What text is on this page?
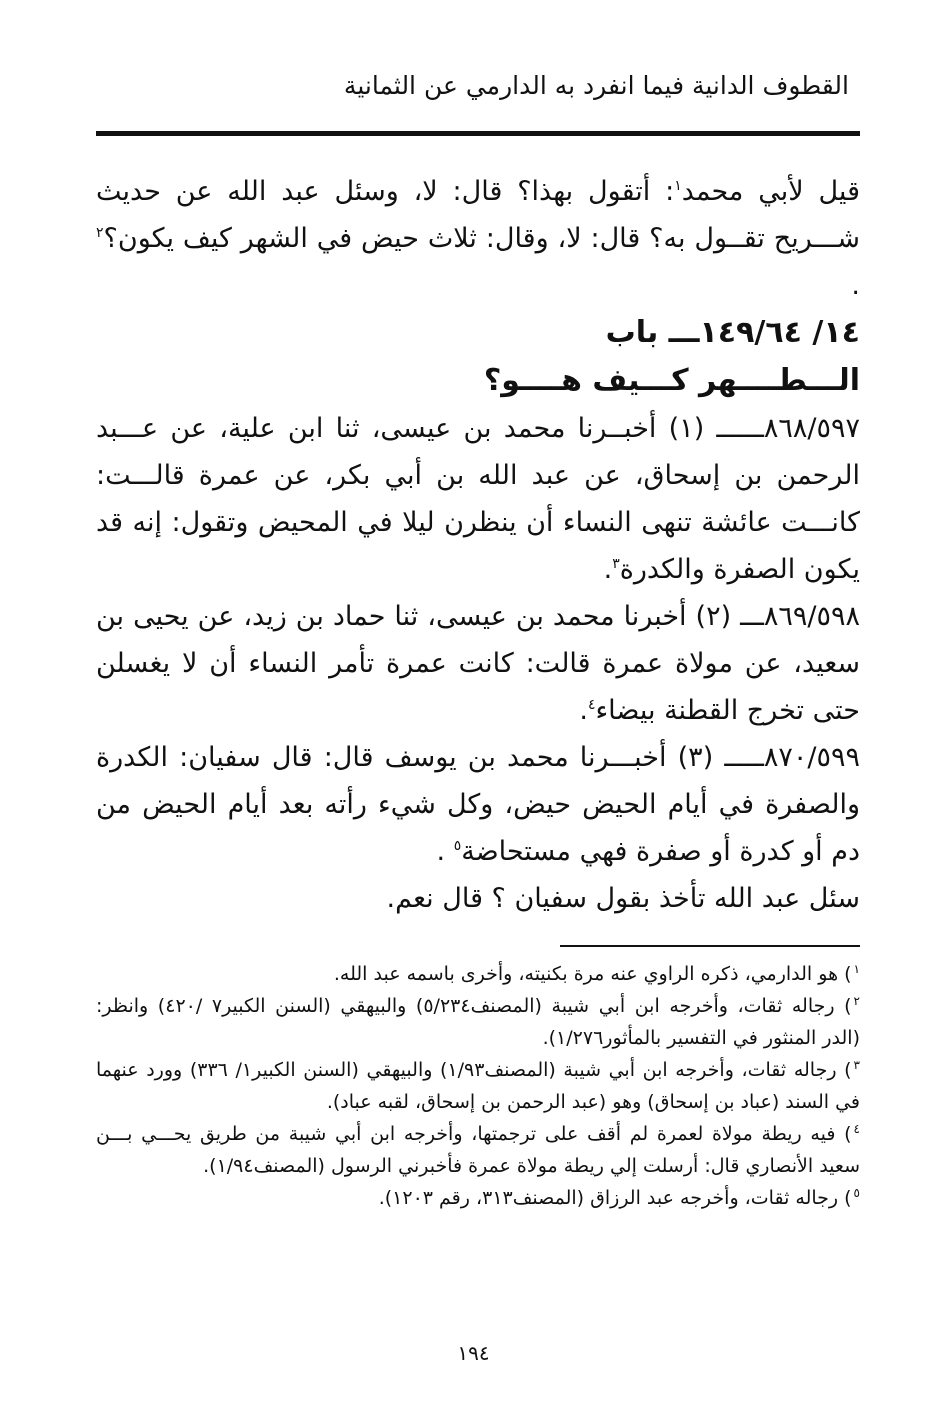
القطوف الدانية فيما انفرد به الدارمي عن الثمانية

قيل لأبي محمد$^١$: أتقول بهذا؟ قال: لا، وسئل عبد الله عن حديث شـــريح تقــول به؟ قال: لا، وقال: ثلاث حيض في الشهر كيف يكون؟$^٢$ .

١٤/ ١٤٩/٦٤ـــ باب

الـــطــــهر كـــيف هــــو؟

٨٦٨/٥٩٧ــــــ (١) أخبــرنا محمد بن عيسى، ثنا ابن علية، عن عـــبد الرحمن بن إسحاق، عن عبد الله بن أبي بكر، عن عمرة قالـــت: كانـــت عائشة تنهى النساء أن ينظرن ليلا في المحيض وتقول: إنه قد يكون الصفرة والكدرة$^٣$.

٨٦٩/٥٩٨ـــ (٢) أخبرنا محمد بن عيسى، ثنا حماد بن زيد، عن يحيى بن سعيد، عن مولاة عمرة قالت: كانت عمرة تأمر النساء أن لا يغسلن حتى تخرج القطنة بيضاء$^٤$.

٨٧٠/٥٩٩ـــــ (٣) أخبـــرنا محمد بن يوسف قال: قال سفيان: الكدرة والصفرة في أيام الحيض حيض، وكل شيء رأته بعد أيام الحيض من دم أو كدرة أو صفرة فهي مستحاضة$^٥$ .

سئل عبد الله تأخذ بقول سفيان ؟ قال نعم.

$^١$) هو الدارمي، ذكره الراوي عنه مرة بكنيته، وأخرى باسمه عبد الله.

$^٢$) رجاله ثقات، وأخرجه ابن أبي شيبة (المصنف٥/٢٣٤) والبيهقي (السنن الكبير٧ /٤٢٠) وانظر: (الدر المنثور في التفسير بالمأثور١/٢٧٦).

$^٣$) رجاله ثقات، وأخرجه ابن أبي شيبة (المصنف١/٩٣) والبيهقي (السنن الكبير١/ ٣٣٦) وورد عنهما في السند (عباد بن إسحاق) وهو (عبد الرحمن بن إسحاق، لقبه عباد).

$^٤$) فيه ريطة مولاة لعمرة لم أقف على ترجمتها، وأخرجه ابن أبي شيبة من طريق يحـــي بـــن سعيد الأنصاري قال: أرسلت إلي ريطة مولاة عمرة فأخبرني الرسول (المصنف١/٩٤).

$^٥$) رجاله ثقات، وأخرجه عبد الرزاق (المصنف٣١٣، رقم ١٢٠٣).

١٩٤
